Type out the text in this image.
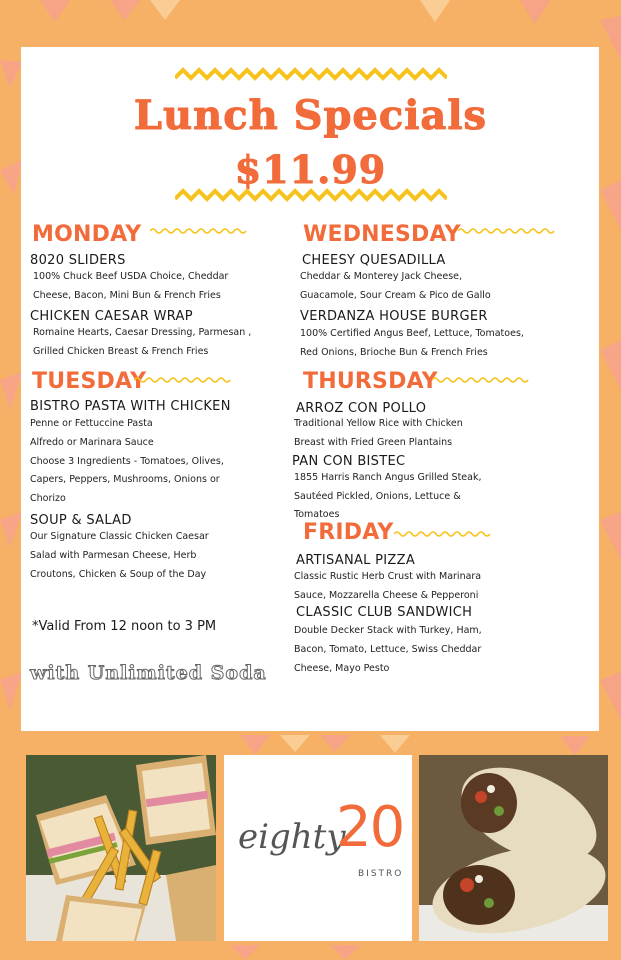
Lunch Specials
$11.99
MONDAY
8020 SLIDERS
100% Chuck Beef USDA Choice, Cheddar
Cheese, Bacon, Mini Bun & French Fries
CHICKEN CAESAR WRAP
Romaine Hearts, Caesar Dressing, Parmesan ,
Grilled Chicken Breast & French Fries
TUESDAY
BISTRO PASTA WITH CHICKEN
Penne or Fettuccine Pasta
Alfredo or Marinara Sauce
Choose 3 Ingredients - Tomatoes, Olives,
Capers, Peppers, Mushrooms, Onions or
Chorizo
SOUP & SALAD
Our Signature Classic Chicken Caesar
Salad with Parmesan Cheese, Herb
Croutons, Chicken & Soup of the Day
WEDNESDAY
CHEESY QUESADILLA
Cheddar & Monterey Jack Cheese,
Guacamole, Sour Cream & Pico de Gallo
VERDANZA HOUSE BURGER
100% Certified Angus Beef, Lettuce, Tomatoes,
Red Onions, Brioche Bun & French Fries
THURSDAY
ARROZ CON POLLO
Traditional Yellow Rice with Chicken
Breast with Fried Green Plantains
PAN CON BISTEC
1855 Harris Ranch Angus Grilled Steak,
Sautéed Pickled, Onions, Lettuce &
Tomatoes
FRIDAY
ARTISANAL PIZZA
Classic Rustic Herb Crust with Marinara
Sauce, Mozzarella Cheese & Pepperoni
CLASSIC CLUB SANDWICH
Double Decker Stack with Turkey, Ham,
Bacon, Tomato, Lettuce, Swiss Cheddar
Cheese, Mayo Pesto
*Valid From 12 noon to 3 PM
with Unlimited Soda
eighty
20
BISTRO
